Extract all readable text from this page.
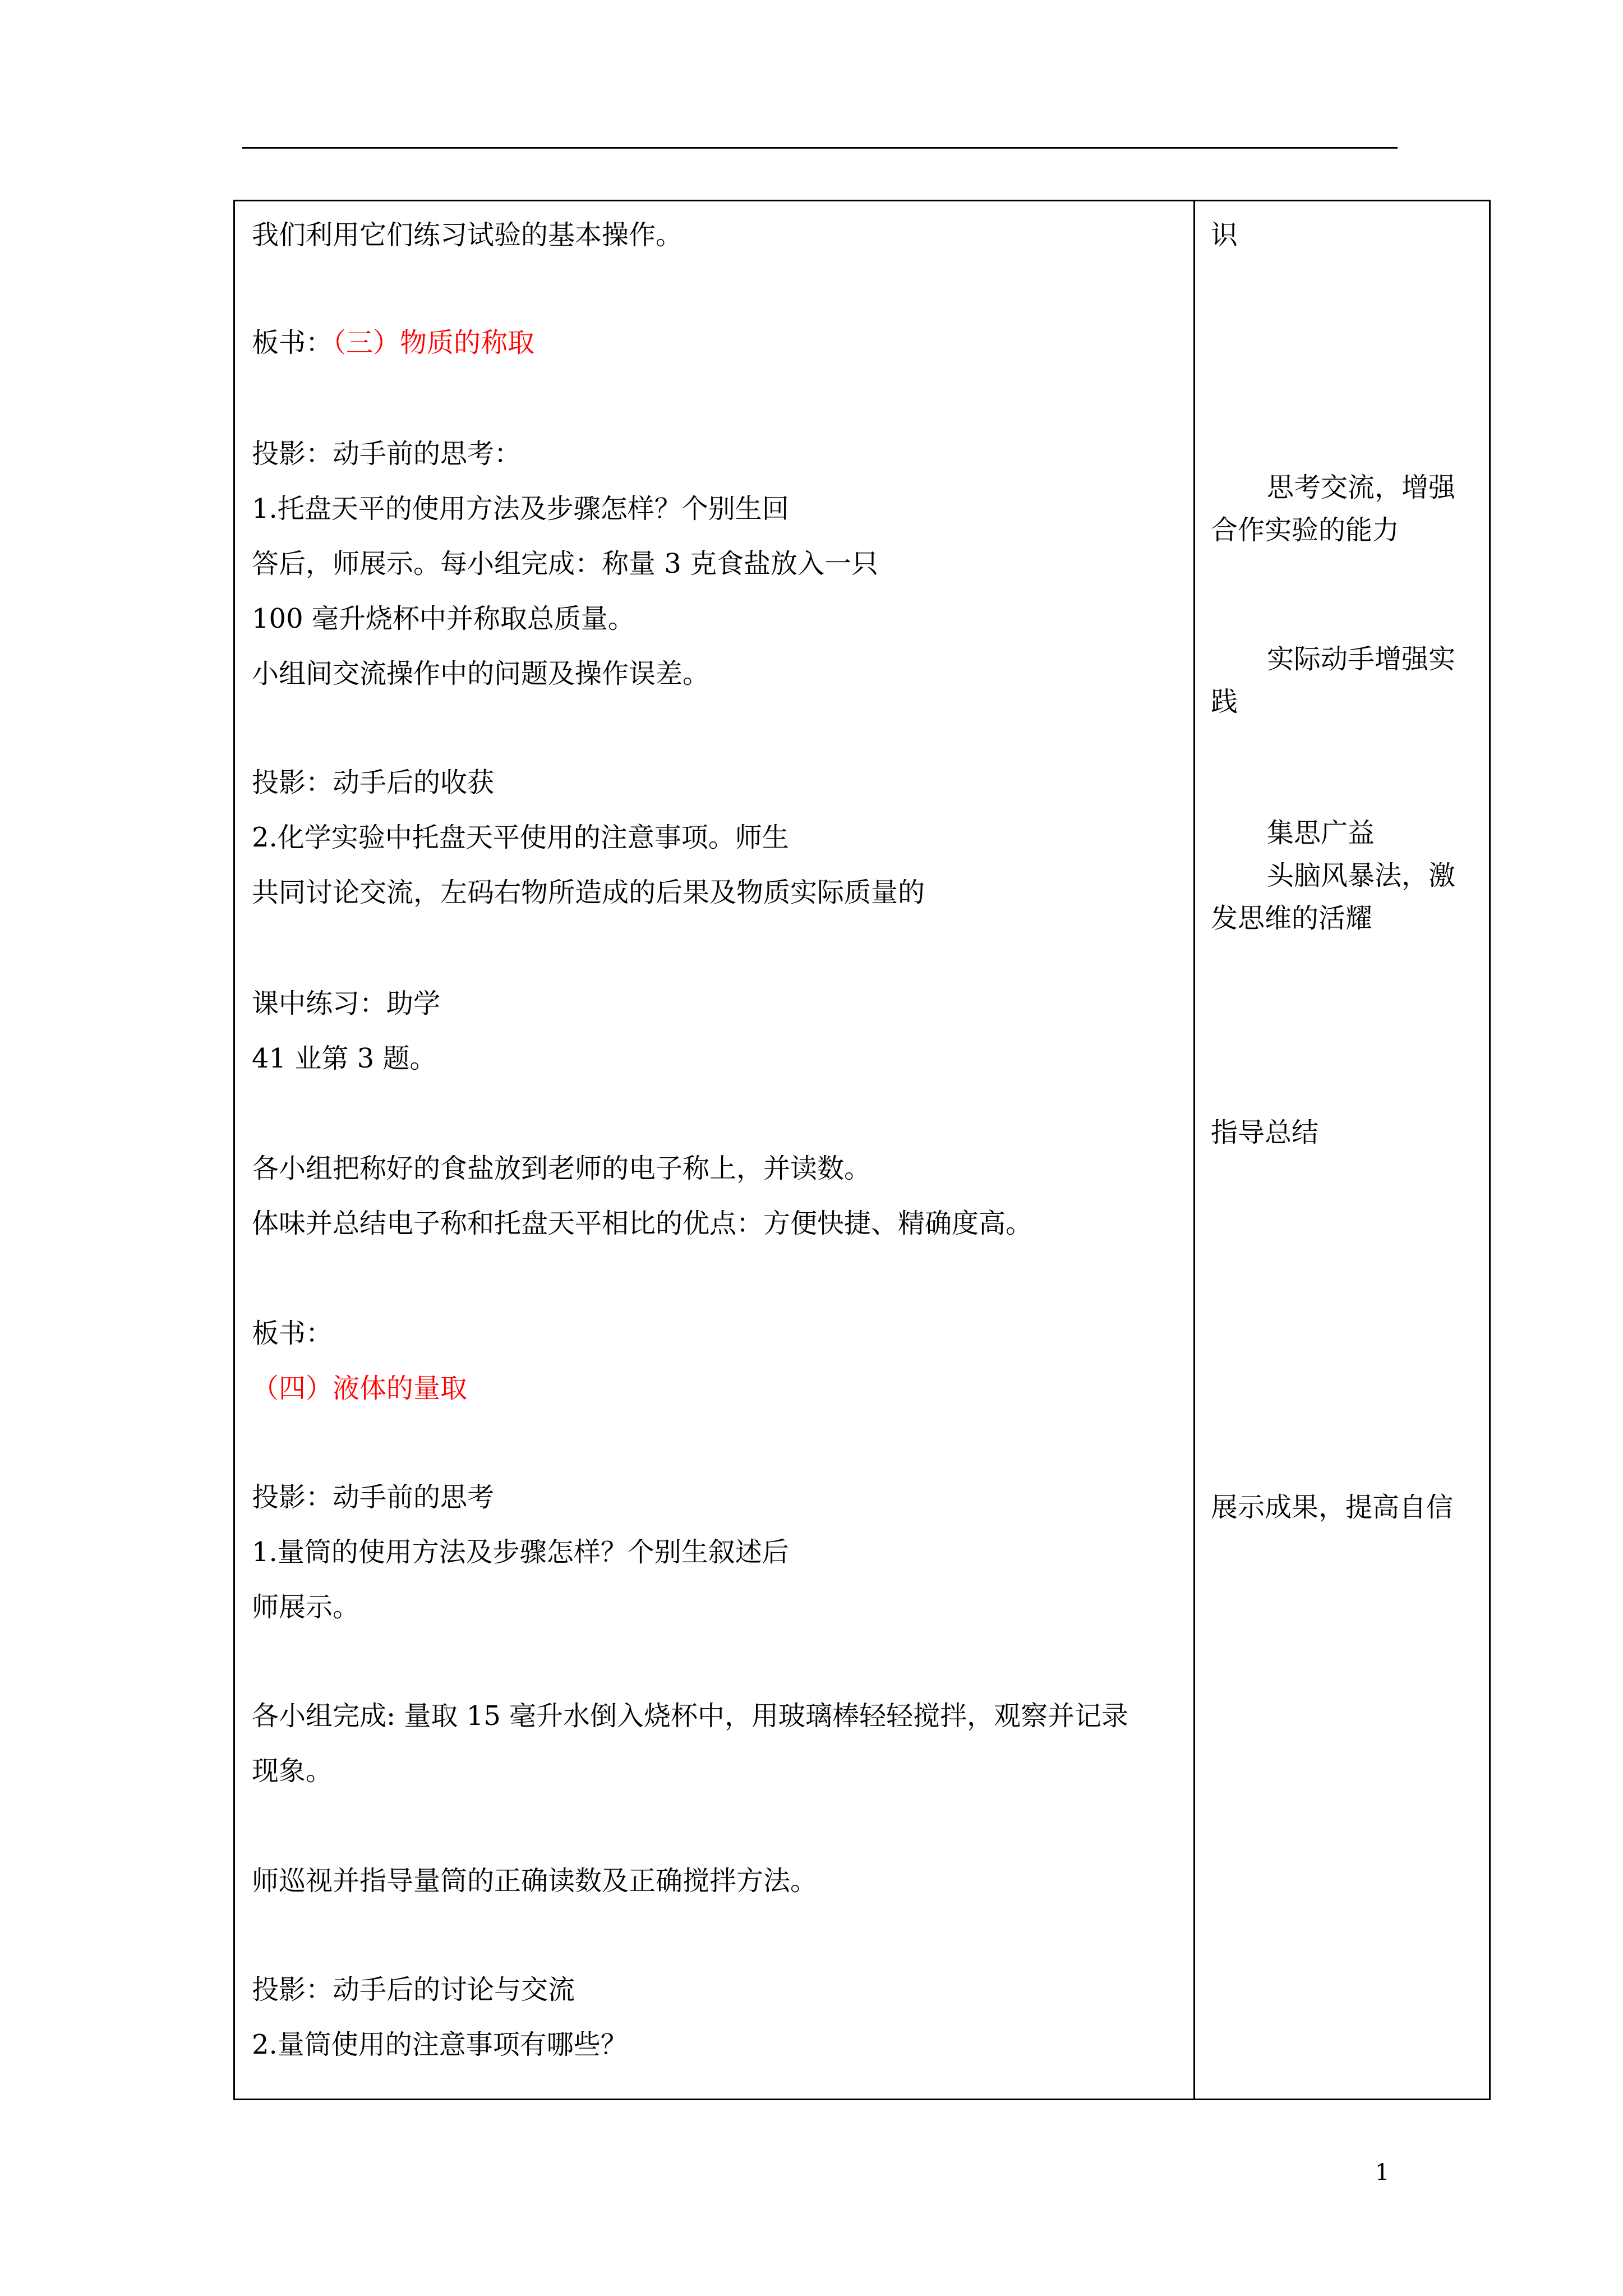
我们利用它们练习试验的基本操作。
板书：（三）物质的称取
投影：动手前的思考：
1.托盘天平的使用方法及步骤怎样？个别生回
答后，师展示。每小组完成：称量 3 克食盐放入一只
100 毫升烧杯中并称取总质量。
小组间交流操作中的问题及操作误差。
投影：动手后的收获
2.化学实验中托盘天平使用的注意事项。师生
共同讨论交流，左码右物所造成的后果及物质实际质量的
课中练习：助学
41 业第 3 题。
各小组把称好的食盐放到老师的电子称上，并读数。
体味并总结电子称和托盘天平相比的优点：方便快捷、精确度高。
板书：
（四）液体的量取
投影：动手前的思考
1.量筒的使用方法及步骤怎样？个别生叙述后
师展示。
各小组完成: 量取 15 毫升水倒入烧杯中，用玻璃棒轻轻搅拌，观察并记录
现象。
师巡视并指导量筒的正确读数及正确搅拌方法。
投影：动手后的讨论与交流
2.量筒使用的注意事项有哪些？
识
思考交流，增强
合作实验的能力
实际动手增强实
践
集思广益
头脑风暴法，激
发思维的活耀
指导总结
展示成果，提高自信
1
